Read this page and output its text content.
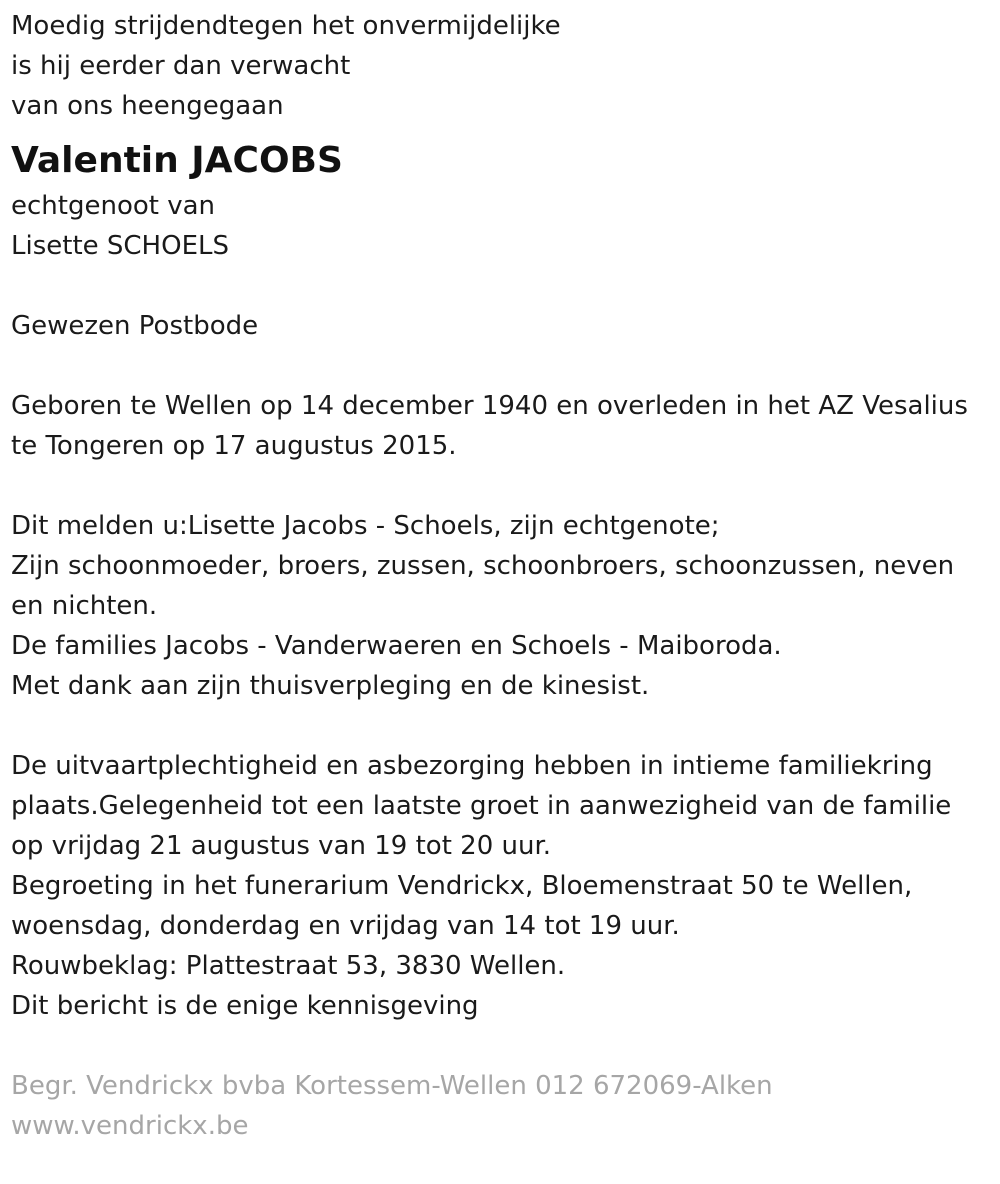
Moedig strijdendtegen het onvermijdelijke
is hij eerder dan verwacht
van ons heengegaan
Valentin JACOBS
echtgenoot van
Lisette SCHOELS
Gewezen Postbode
Geboren te Wellen op 14 december 1940 en overleden in het AZ Vesalius
te Tongeren op 17 augustus 2015.
Dit melden u:Lisette Jacobs - Schoels, zijn echtgenote;
Zijn schoonmoeder, broers, zussen, schoonbroers, schoonzussen, neven
en nichten.
De families Jacobs - Vanderwaeren en Schoels - Maiboroda.
Met dank aan zijn thuisverpleging en de kinesist.
De uitvaartplechtigheid en asbezorging hebben in intieme familiekring
plaats.Gelegenheid tot een laatste groet in aanwezigheid van de familie
op vrijdag 21 augustus van 19 tot 20 uur.
Begroeting in het funerarium Vendrickx, Bloemenstraat 50 te Wellen,
woensdag, donderdag en vrijdag van 14 tot 19 uur.
Rouwbeklag: Plattestraat 53, 3830 Wellen.
Dit bericht is de enige kennisgeving
Begr. Vendrickx bvba Kortessem-Wellen 012 672069-Alken
www.vendrickx.be
